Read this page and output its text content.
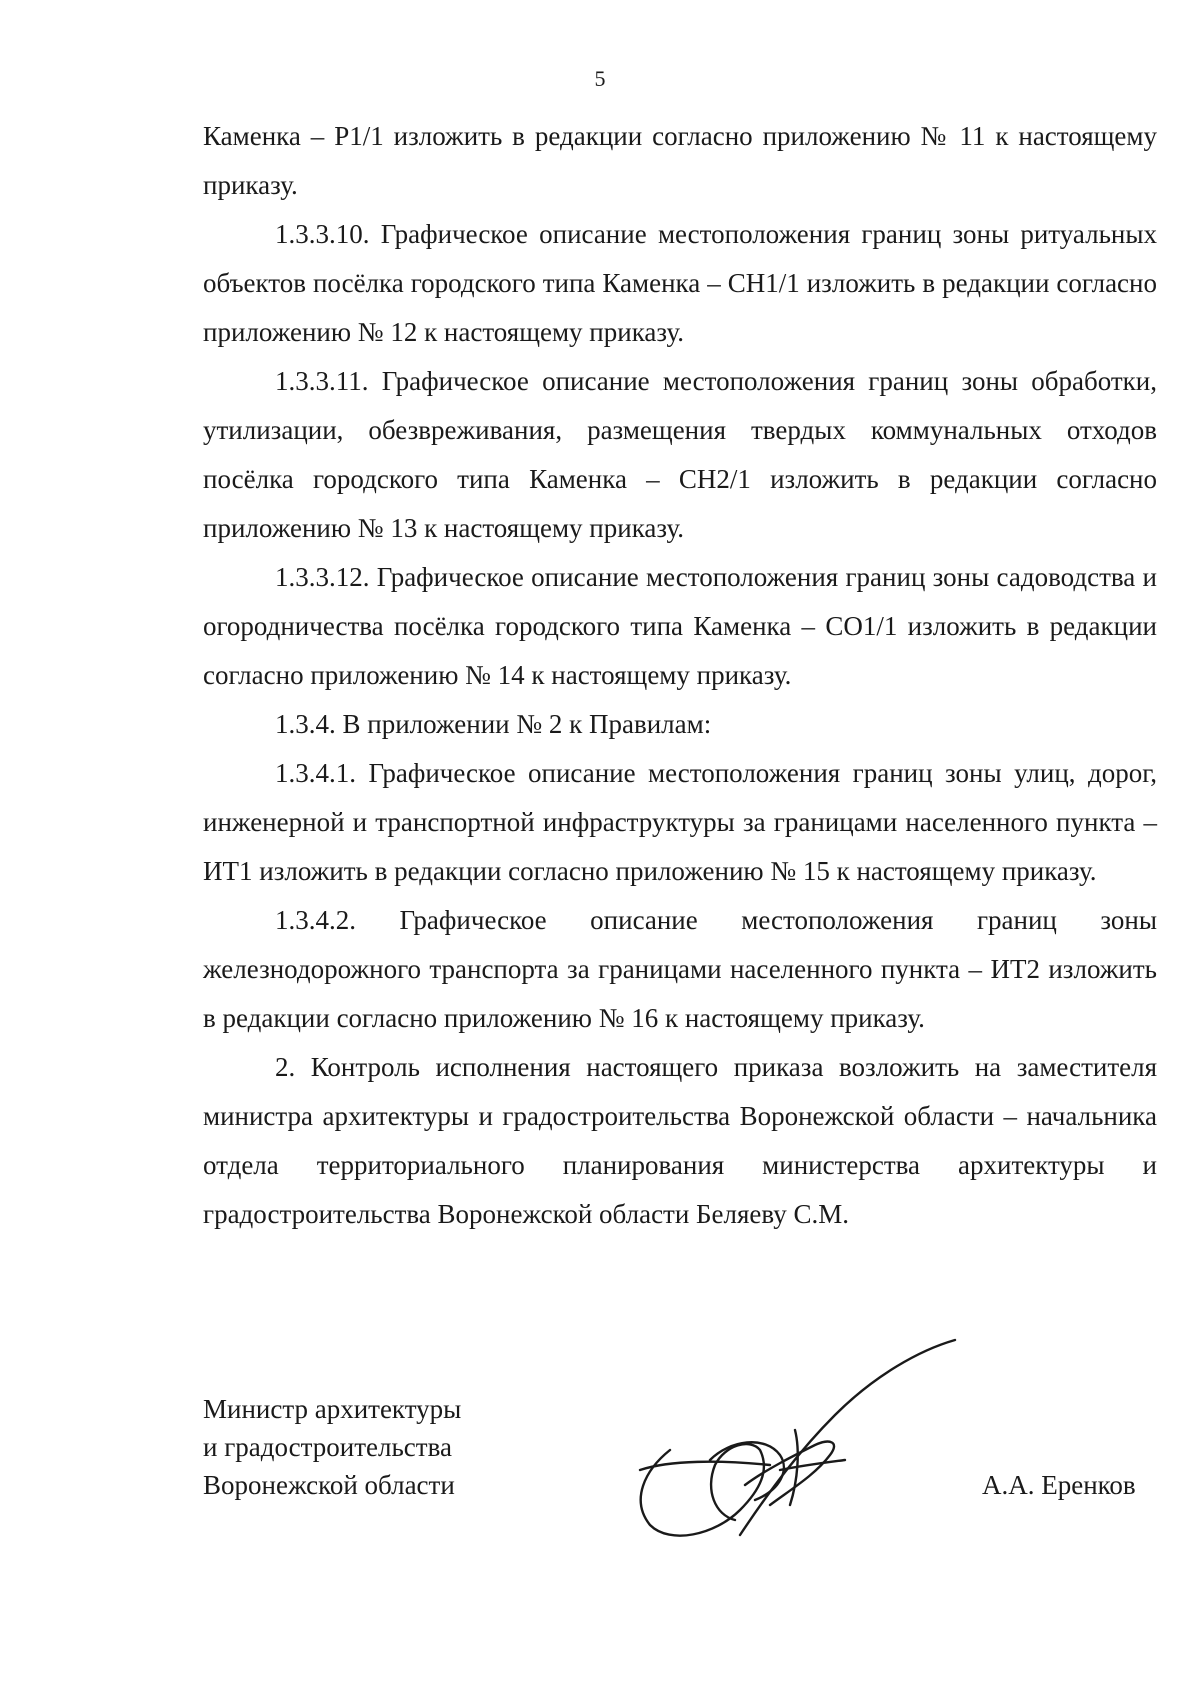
5

Каменка – Р1/1 изложить в редакции согласно приложению № 11 к настоящему приказу.

1.3.3.10. Графическое описание местоположения границ зоны ритуальных объектов посёлка городского типа Каменка – СН1/1 изложить в редакции согласно приложению № 12 к настоящему приказу.

1.3.3.11. Графическое описание местоположения границ зоны обработки, утилизации, обезвреживания, размещения твердых коммунальных отходов посёлка городского типа Каменка – СН2/1 изложить в редакции согласно приложению № 13 к настоящему приказу.

1.3.3.12. Графическое описание местоположения границ зоны садоводства и огородничества посёлка городского типа Каменка – СО1/1 изложить в редакции согласно приложению № 14 к настоящему приказу.

1.3.4. В приложении № 2 к Правилам:

1.3.4.1. Графическое описание местоположения границ зоны улиц, дорог, инженерной и транспортной инфраструктуры за границами населенного пункта – ИТ1 изложить в редакции согласно приложению № 15 к настоящему приказу.

1.3.4.2. Графическое описание местоположения границ зоны железнодорожного транспорта за границами населенного пункта – ИТ2 изложить в редакции согласно приложению № 16 к настоящему приказу.

2. Контроль исполнения настоящего приказа возложить на заместителя министра архитектуры и градостроительства Воронежской области – начальника отдела территориального планирования министерства архитектуры и градостроительства Воронежской области Беляеву С.М.

Министр архитектуры
и градостроительства
Воронежской области	А.А. Еренков
